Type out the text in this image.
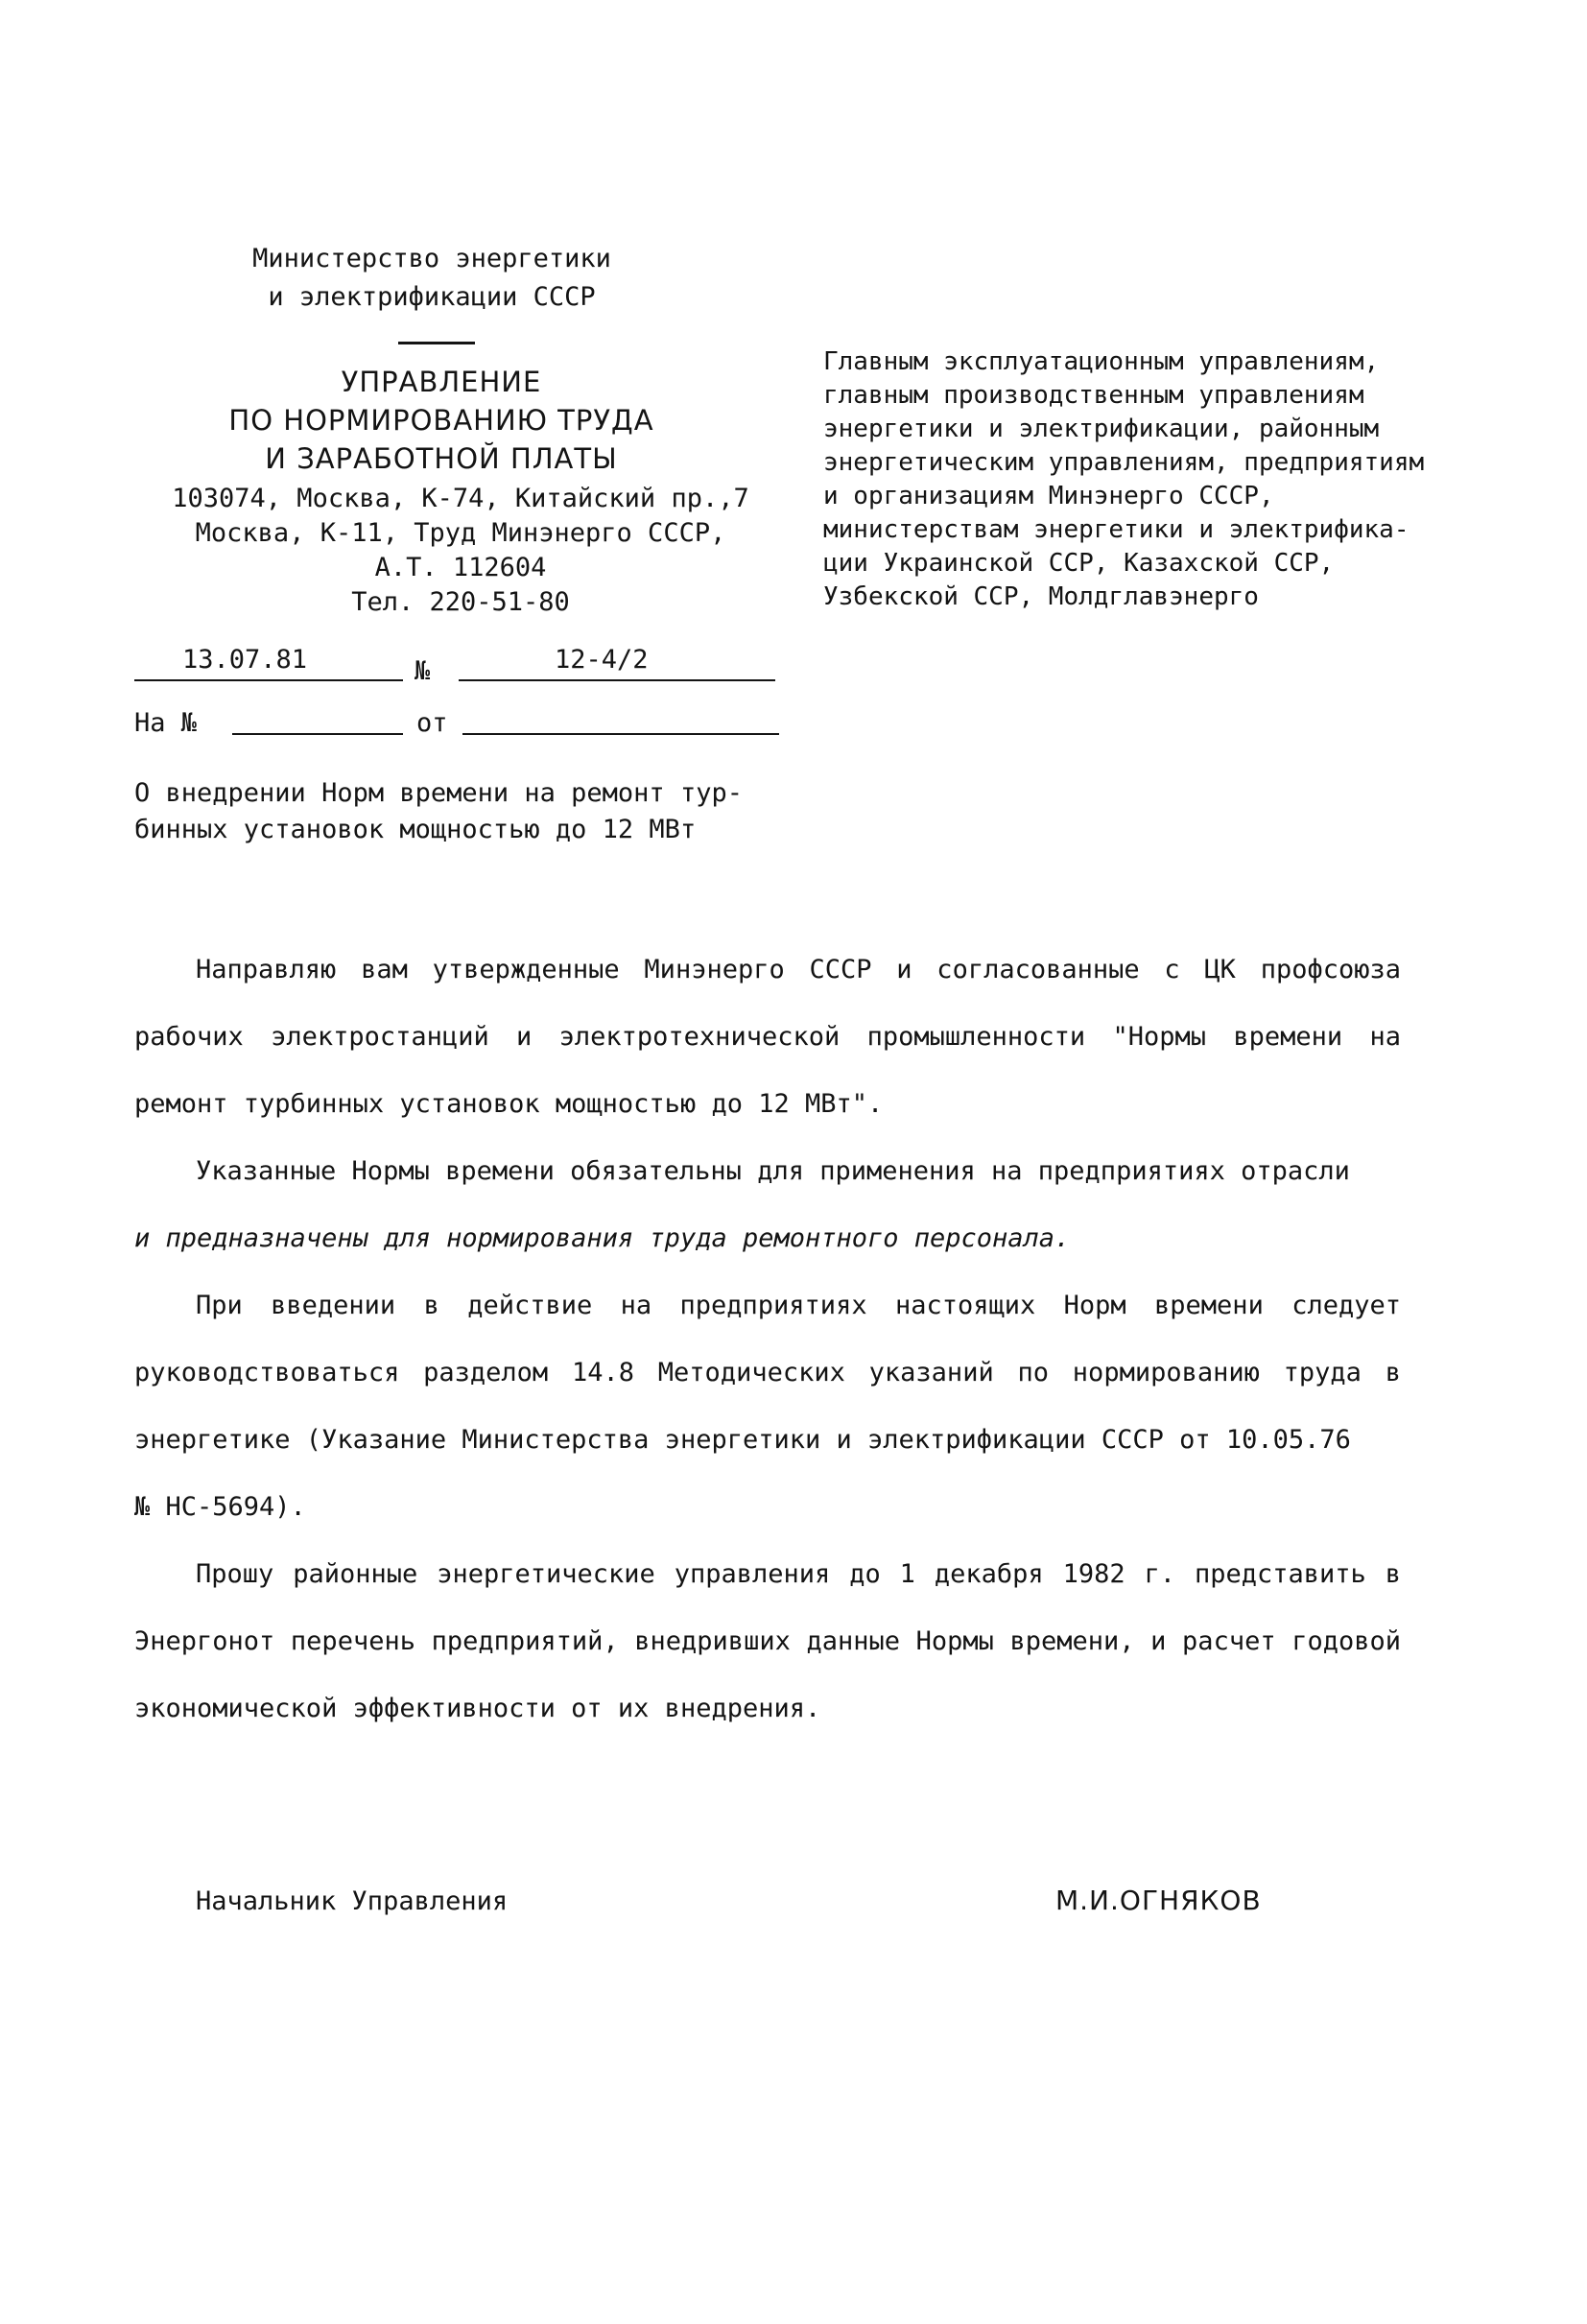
Министерство энергетики
и электрификации СССР
УПРАВЛЕНИЕ
ПО НОРМИРОВАНИЮ ТРУДА
И ЗАРАБОТНОЙ ПЛАТЫ
103074, Москва, К-74, Китайский пр.,7
Москва, К-11, Труд Минэнерго СССР,
А.Т. 112604
Тел. 220-51-80
13.07.81	№	12-4/2
На №	от
О внедрении Норм времени на ремонт тур-
бинных установок мощностью до 12 МВт
Главным эксплуатационным управлениям,
главным производственным управлениям
энергетики и электрификации, районным
энергетическим управлениям, предприятиям
и организациям Минэнерго СССР,
министерствам энергетики и электрифика-
ции Украинской ССР, Казахской ССР,
Узбекской ССР, Молдглавэнерго

Направляю вам утвержденные Минэнерго СССР и согласованные с ЦК профсоюза рабочих электростанций и электротехнической промышленности "Нормы времени на ремонт турбинных установок мощностью до 12 МВт".

Указанные Нормы времени обязательны для применения на предприятиях отрасли

и предназначены для нормирования труда ремонтного персонала.

При введении в действие на предприятиях настоящих Норм времени следует руководствоваться разделом 14.8 Методических указаний по нормированию труда в энергетике (Указание Министерства энергетики и электрификации СССР от 10.05.76

№ НС-5694).

Прошу районные энергетические управления до 1 декабря 1982 г. представить в Энергонот перечень предприятий, внедривших данные Нормы времени, и расчет годовой экономической эффективности от их внедрения.

Начальник Управления	М.И.ОГНЯКОВ
